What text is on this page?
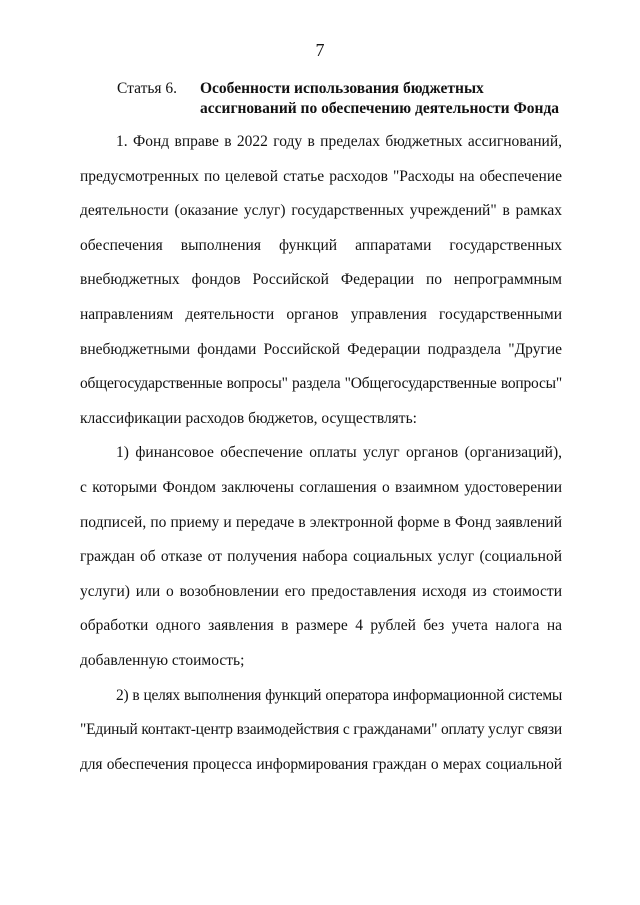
7
Статья 6. Особенности использования бюджетных
ассигнований по обеспечению деятельности Фонда

1. Фонд вправе в 2022 году в пределах бюджетных ассигнований,
предусмотренных по целевой статье расходов "Расходы на обеспечение
деятельности (оказание услуг) государственных учреждений" в рамках
обеспечения выполнения функций аппаратами государственных
внебюджетных фондов Российской Федерации по непрограммным
направлениям деятельности органов управления государственными
внебюджетными фондами Российской Федерации подраздела "Другие
общегосударственные вопросы" раздела "Общегосударственные вопросы"
классификации расходов бюджетов, осуществлять:

1) финансовое обеспечение оплаты услуг органов (организаций),
с которыми Фондом заключены соглашения о взаимном удостоверении
подписей, по приему и передаче в электронной форме в Фонд заявлений
граждан об отказе от получения набора социальных услуг (социальной
услуги) или о возобновлении его предоставления исходя из стоимости
обработки одного заявления в размере 4 рублей без учета налога на
добавленную стоимость;

2) в целях выполнения функций оператора информационной системы
"Единый контакт-центр взаимодействия с гражданами" оплату услуг связи
для обеспечения процесса информирования граждан о мерах социальной
